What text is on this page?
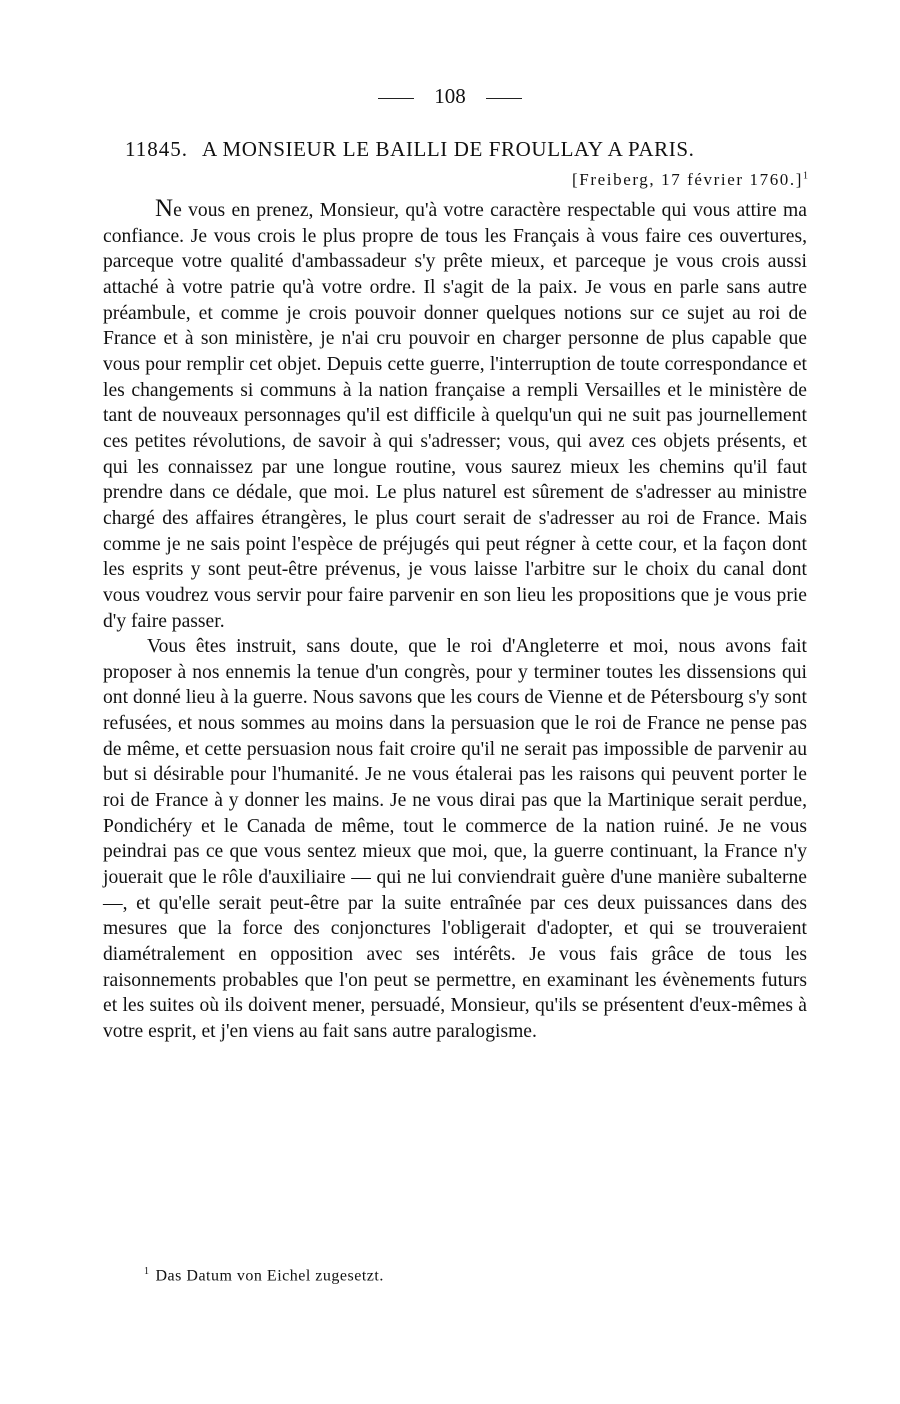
108
11845. A MONSIEUR LE BAILLI DE FROULLAY A PARIS.
[Freiberg, 17 février 1760.]$^1$

Ne vous en prenez, Monsieur, qu'à votre caractère respectable qui vous attire ma confiance. Je vous crois le plus propre de tous les Français à vous faire ces ouvertures, parceque votre qualité d'ambassadeur s'y prête mieux, et parceque je vous crois aussi attaché à votre patrie qu'à votre ordre. Il s'agit de la paix. Je vous en parle sans autre préambule, et comme je crois pouvoir donner quelques notions sur ce sujet au roi de France et à son ministère, je n'ai cru pouvoir en charger personne de plus capable que vous pour remplir cet objet. Depuis cette guerre, l'interruption de toute correspondance et les changements si communs à la nation française a rempli Versailles et le ministère de tant de nouveaux personnages qu'il est difficile à quelqu'un qui ne suit pas journellement ces petites révolutions, de savoir à qui s'adresser; vous, qui avez ces objets présents, et qui les connaissez par une longue routine, vous saurez mieux les chemins qu'il faut prendre dans ce dédale, que moi. Le plus naturel est sûrement de s'adresser au ministre chargé des affaires étrangères, le plus court serait de s'adresser au roi de France. Mais comme je ne sais point l'espèce de préjugés qui peut régner à cette cour, et la façon dont les esprits y sont peut-être prévenus, je vous laisse l'arbitre sur le choix du canal dont vous voudrez vous servir pour faire parvenir en son lieu les propositions que je vous prie d'y faire passer.

Vous êtes instruit, sans doute, que le roi d'Angleterre et moi, nous avons fait proposer à nos ennemis la tenue d'un congrès, pour y terminer toutes les dissensions qui ont donné lieu à la guerre. Nous savons que les cours de Vienne et de Pétersbourg s'y sont refusées, et nous sommes au moins dans la persuasion que le roi de France ne pense pas de même, et cette persuasion nous fait croire qu'il ne serait pas impossible de parvenir au but si désirable pour l'humanité. Je ne vous étalerai pas les raisons qui peuvent porter le roi de France à y donner les mains. Je ne vous dirai pas que la Martinique serait perdue, Pondichéry et le Canada de même, tout le commerce de la nation ruiné. Je ne vous peindrai pas ce que vous sentez mieux que moi, que, la guerre continuant, la France n'y jouerait que le rôle d'auxiliaire — qui ne lui conviendrait guère d'une manière subalterne —, et qu'elle serait peut-être par la suite entraînée par ces deux puissances dans des mesures que la force des conjonctures l'obligerait d'adopter, et qui se trouveraient diamétralement en opposition avec ses intérêts. Je vous fais grâce de tous les raisonnements probables que l'on peut se permettre, en examinant les évènements futurs et les suites où ils doivent mener, persuadé, Monsieur, qu'ils se présentent d'eux-mêmes à votre esprit, et j'en viens au fait sans autre paralogisme.

$^1$ Das Datum von Eichel zugesetzt.
